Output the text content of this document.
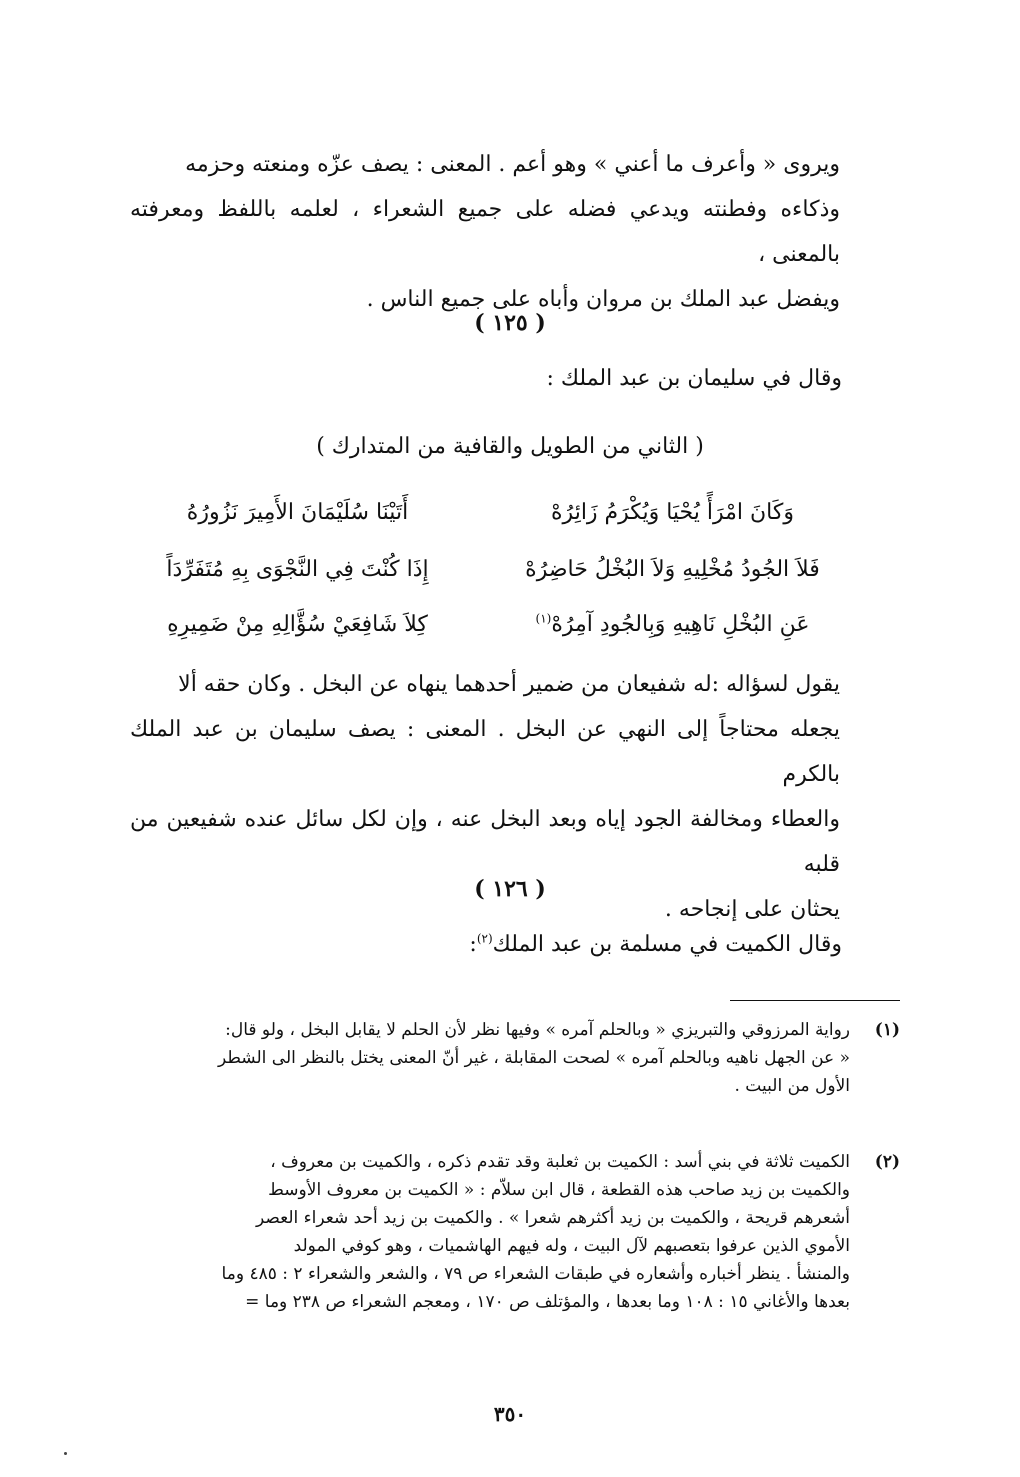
ويروى « وأعرف ما أعني » وهو أعم . المعنى : يصف عزّه ومنعته وحزمه

وذكاءه وفطنته ويدعي فضله على جميع الشعراء ، لعلمه باللفظ ومعرفته بالمعنى ،

ويفضل عبد الملك بن مروان وأباه على جميع الناس .

( ١٢٥ )
وقال في سليمان بن عبد الملك :
( الثاني من الطويل والقافية من المتدارك )
أَتَيْنَا سُلَيْمَانَ الأَمِيرَ نَزُورُهُ	وَكَانَ امْرَأً يُحْيَا وَيُكْرَمُ زَائِرُهْ
إِذَا كُنْتَ فِي النَّجْوَى بِهِ مُتَفَرِّدَاً	فَلاَ الجُودُ مُخْلِيهِ وَلاَ البُخْلُ حَاضِرُهْ
كِلاَ شَافِعَيْ سُؤَّالِهِ مِنْ ضَمِيرِهِ	عَنِ البُخْلِ نَاهِيهِ وَبِالجُودِ آمِرُهْ$^{(١)}$

يقول لسؤاله :له شفيعان من ضمير أحدهما ينهاه عن البخل . وكان حقه ألا

يجعله محتاجاً إلى النهي عن البخل . المعنى : يصف سليمان بن عبد الملك بالكرم

والعطاء ومخالفة الجود إياه وبعد البخل عنه ، وإن لكل سائل عنده شفيعين من قلبه

يحثان على إنجاحه .

( ١٢٦ )
وقال الكميت في مسلمة بن عبد الملك$^{(٢)}$:
(١)

رواية المرزوقي والتبريزي « وبالحلم آمره » وفيها نظر لأن الحلم لا يقابل البخل ، ولو قال:

« عن الجهل ناهيه وبالحلم آمره » لصحت المقابلة ، غير أنّ المعنى يختل بالنظر الى الشطر

الأول من البيت .

(٢)

الكميت ثلاثة في بني أسد : الكميت بن ثعلبة وقد تقدم ذكره ، والكميت بن معروف ،

والكميت بن زيد صاحب هذه القطعة ، قال ابن سلاّم : « الكميت بن معروف الأوسط

أشعرهم قريحة ، والكميت بن زيد أكثرهم شعرا » . والكميت بن زيد أحد شعراء العصر

الأموي الذين عرفوا بتعصبهم لآل البيت ، وله فيهم الهاشميات ، وهو كوفي المولد

والمنشأ . ينظر أخباره وأشعاره في طبقات الشعراء ص ٧٩ ، والشعر والشعراء ٢ : ٤٨٥ وما

بعدها والأغاني ١٥ : ١٠٨ وما بعدها ، والمؤتلف ص ١٧٠ ، ومعجم الشعراء ص ٢٣٨ وما =

٣٥٠
